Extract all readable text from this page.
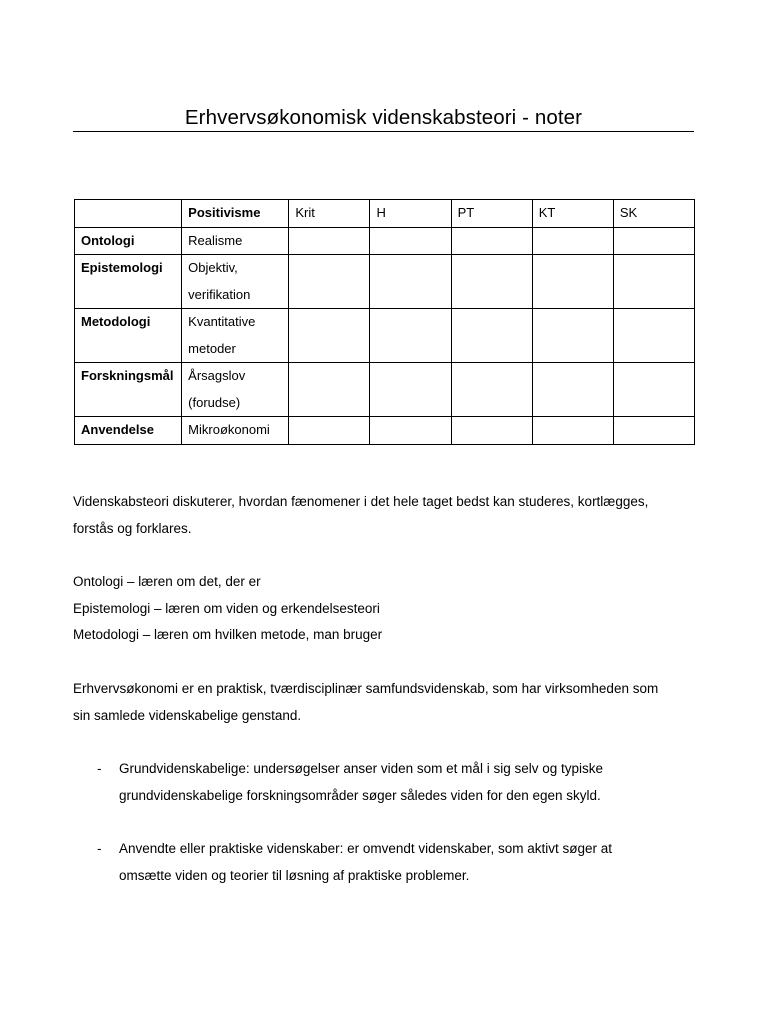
Erhvervsøkonomisk videnskabsteori - noter
	Positivisme	Krit	H	PT	KT	SK
Ontologi	Realisme					
Epistemologi	Objektiv,
verifikation					

Metodologi	Kvantitative
metoder					

Forskningsmål	Årsagslov
(forudse)					

Anvendelse	Mikroøkonomi					
Videnskabsteori diskuterer, hvordan fænomener i det hele taget bedst kan studeres, kortlægges,
forstås og forklares.
Ontologi – læren om det, der er
Epistemologi – læren om viden og erkendelsesteori
Metodologi – læren om hvilken metode, man bruger
Erhvervsøkonomi er en praktisk, tværdisciplinær samfundsvidenskab, som har virksomheden som
sin samlede videnskabelige genstand.
- Grundvidenskabelige: undersøgelser anser viden som et mål i sig selv og typiske
grundvidenskabelige forskningsområder søger således viden for den egen skyld.
- Anvendte eller praktiske videnskaber: er omvendt videnskaber, som aktivt søger at
omsætte viden og teorier til løsning af praktiske problemer.
